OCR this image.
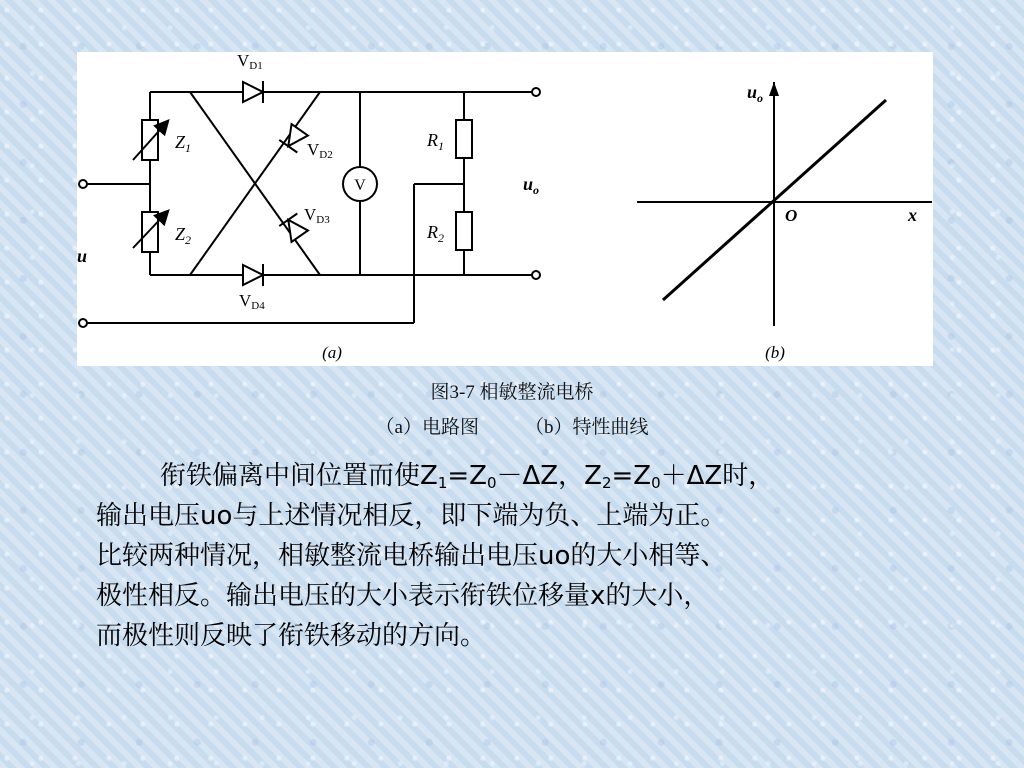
VD1
VD2
VD3
VD4
$Z_1$
$Z_2$
$R_1$
$R_2$
V
u
$u_o$
(a)
$u_o$
x
O
(b)
图3-7 相敏整流电桥
（a）电路图 （b）特性曲线

衔铁偏离中间位置而使$Z_1=Z_0-\Delta Z$，$Z_2=Z_0+\Delta Z$时，

输出电压uo与上述情况相反，即下端为负、上端为正。

比较两种情况，相敏整流电桥输出电压uo的大小相等、

极性相反。输出电压的大小表示衔铁位移量x的大小，

而极性则反映了衔铁移动的方向。
